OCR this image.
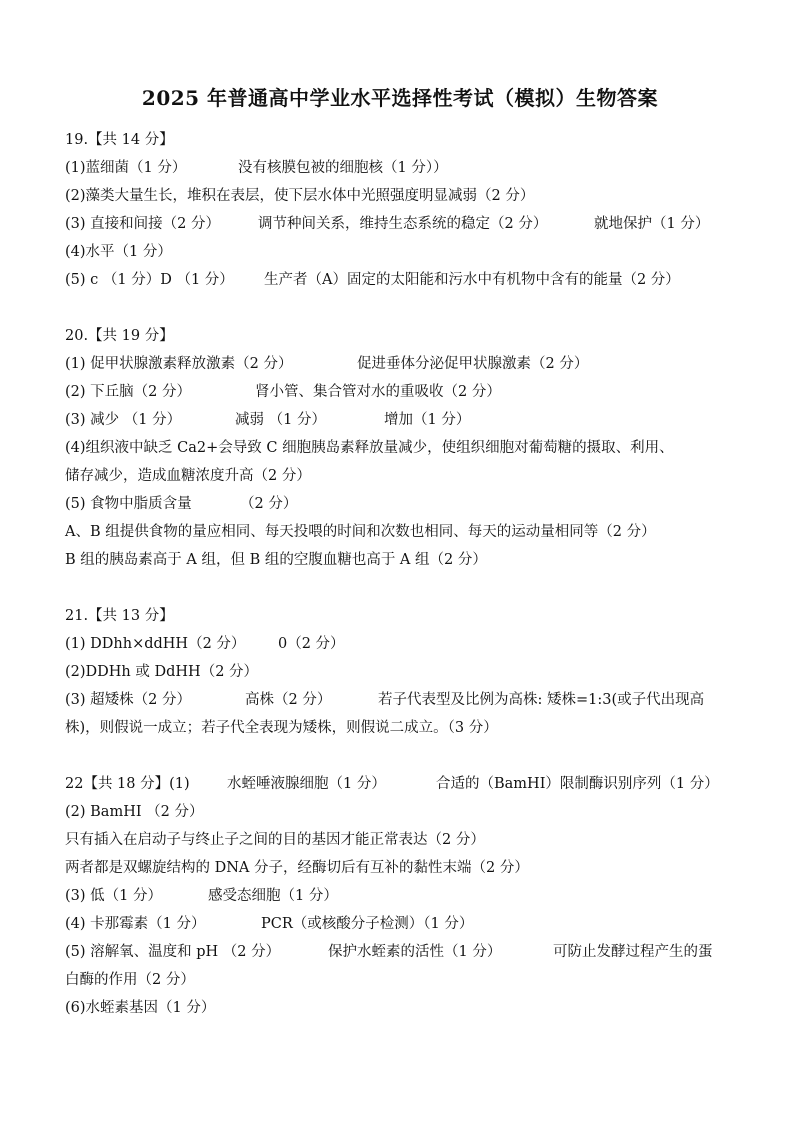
2025 年普通高中学业水平选择性考试（模拟）生物答案
19.【共 14 分】
(1)蓝细菌（1 分）	没有核膜包被的细胞核（1 分））
(2)藻类大量生长，堆积在表层，使下层水体中光照强度明显减弱（2 分）
(3) 直接和间接（2 分）	调节种间关系，维持生态系统的稳定（2 分）	就地保护（1 分）
(4)水平（1 分）
(5) c （1 分）D （1 分） 生产者（A）固定的太阳能和污水中有机物中含有的能量（2 分）
20.【共 19 分】
(1) 促甲状腺激素释放激素（2 分）	促进垂体分泌促甲状腺激素（2 分）
(2) 下丘脑（2 分）	肾小管、集合管对水的重吸收（2 分）
(3) 减少 （1 分）	减弱 （1 分）	增加（1 分）
(4)组织液中缺乏 Ca2+会导致 C 细胞胰岛素释放量减少，使组织细胞对葡萄糖的摄取、利用、
储存减少，造成血糖浓度升高（2 分）
(5) 食物中脂质含量	（2 分）
A、B 组提供食物的量应相同、每天投喂的时间和次数也相同、每天的运动量相同等（2 分）
B 组的胰岛素高于 A 组，但 B 组的空腹血糖也高于 A 组（2 分）
21.【共 13 分】
(1) DDhh×ddHH（2 分） 0（2 分）
(2)DDHh 或 DdHH（2 分）
(3) 超矮株（2 分）	高株（2 分）	若子代表型及比例为高株: 矮株=1:3(或子代出现高
株)，则假说一成立；若子代全表现为矮株，则假说二成立。（3 分）
22【共 18 分】(1)	水蛭唾液腺细胞（1 分）	合适的（BamHI）限制酶识别序列（1 分）
(2) BamHI （2 分）
只有插入在启动子与终止子之间的目的基因才能正常表达（2 分）
两者都是双螺旋结构的 DNA 分子，经酶切后有互补的黏性末端（2 分）
(3) 低（1 分）	感受态细胞（1 分）
(4) 卡那霉素（1 分）	PCR（或核酸分子检测）（1 分）
(5) 溶解氧、温度和 pH （2 分）	保护水蛭素的活性（1 分）	可防止发酵过程产生的蛋
白酶的作用（2 分）
(6)水蛭素基因（1 分）
